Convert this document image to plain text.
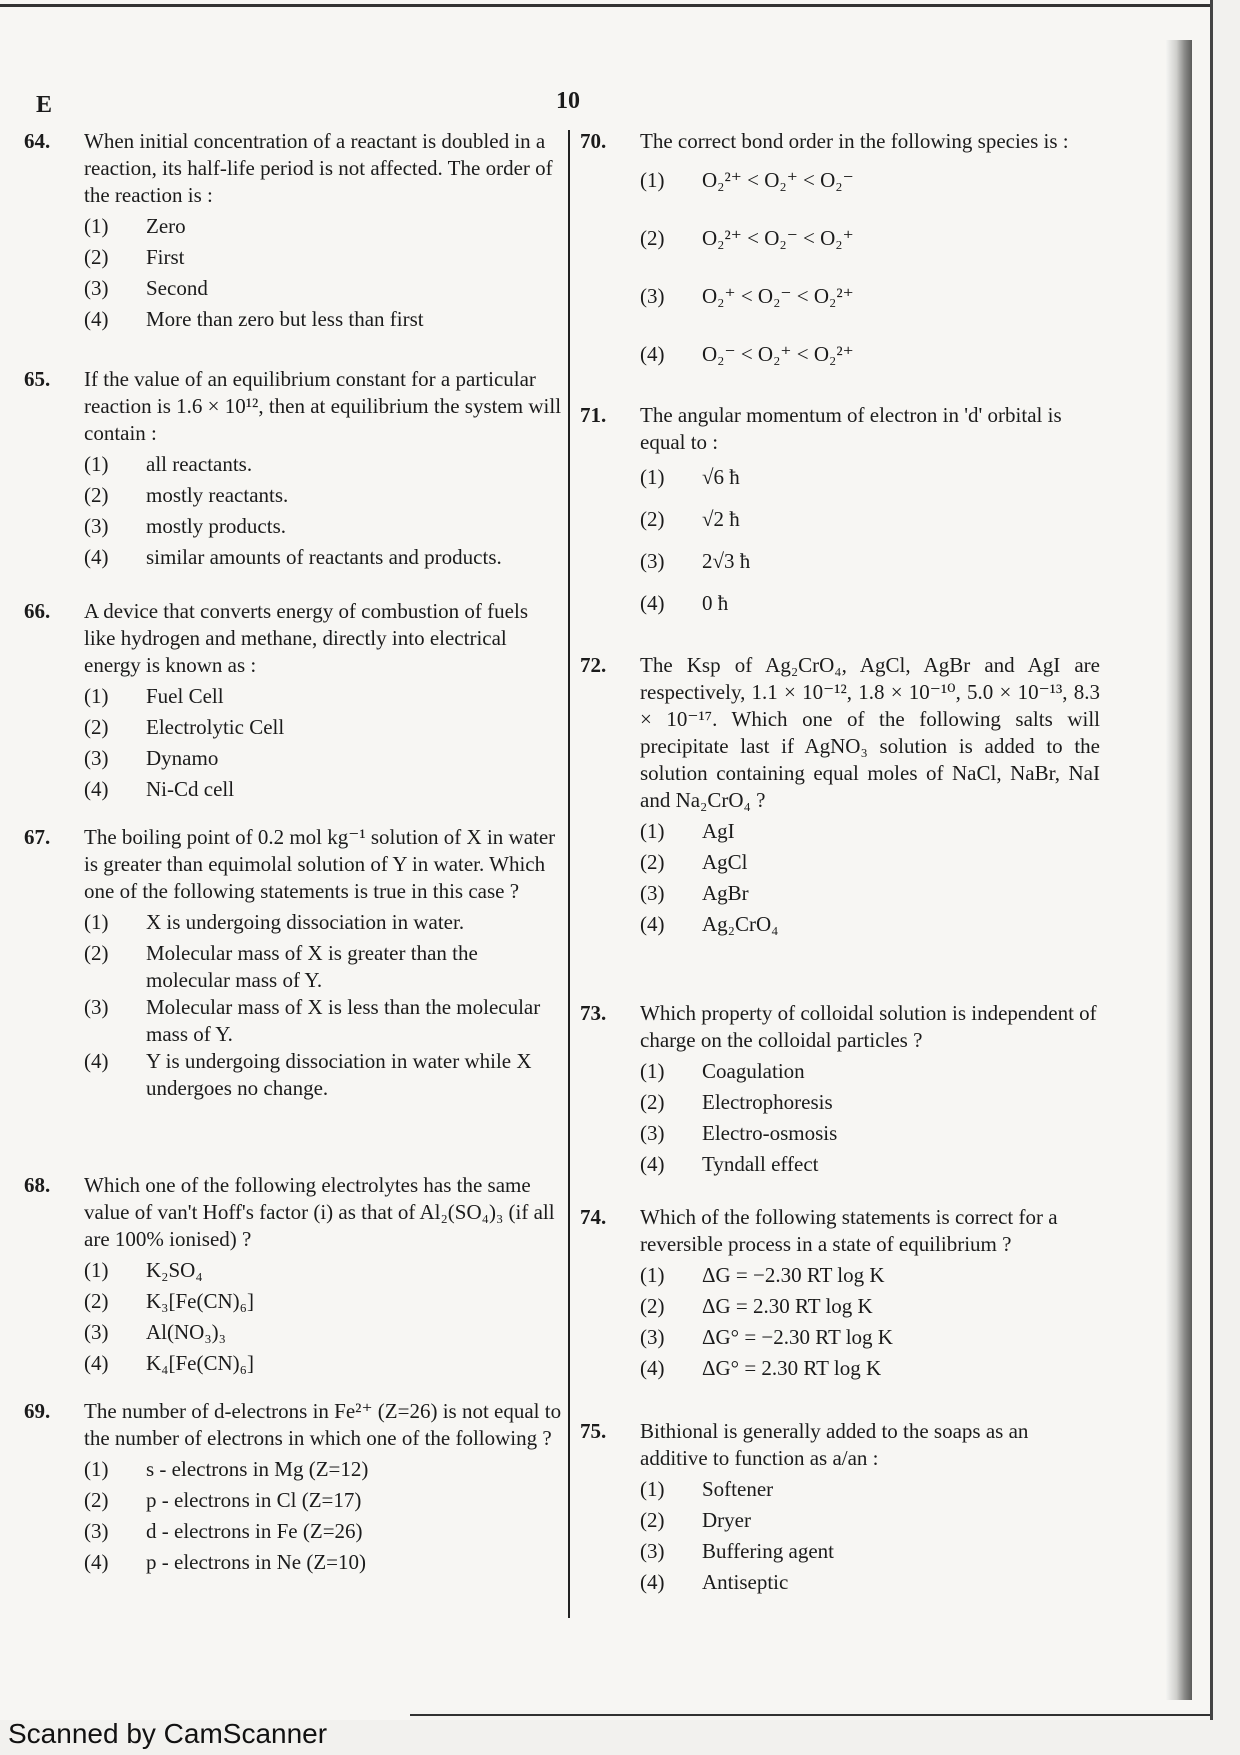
E	10
64.	When initial concentration of a reactant is doubled in a reaction, its half-life period is not affected. The order of the reaction is :
(1)	Zero
(2)	First
(3)	Second
(4)	More than zero but less than first
65.	If the value of an equilibrium constant for a particular reaction is 1.6 × 10¹², then at equilibrium the system will contain :
(1)	all reactants.
(2)	mostly reactants.
(3)	mostly products.
(4)	similar amounts of reactants and products.
66.	A device that converts energy of combustion of fuels like hydrogen and methane, directly into electrical energy is known as :
(1)	Fuel Cell
(2)	Electrolytic Cell
(3)	Dynamo
(4)	Ni-Cd cell
67.	The boiling point of 0.2 mol kg⁻¹ solution of X in water is greater than equimolal solution of Y in water. Which one of the following statements is true in this case ?
(1)	X is undergoing dissociation in water.
(2)	Molecular mass of X is greater than the molecular mass of Y.
(3)	Molecular mass of X is less than the molecular mass of Y.
(4)	Y is undergoing dissociation in water while X undergoes no change.
68.	Which one of the following electrolytes has the same value of van't Hoff's factor (i) as that of Al₂(SO₄)₃ (if all are 100% ionised) ?
(1)	K₂SO₄
(2)	K₃[Fe(CN)₆]
(3)	Al(NO₃)₃
(4)	K₄[Fe(CN)₆]
69.	The number of d-electrons in Fe²⁺ (Z=26) is not equal to the number of electrons in which one of the following ?
(1)	s - electrons in Mg (Z=12)
(2)	p - electrons in Cl (Z=17)
(3)	d - electrons in Fe (Z=26)
(4)	p - electrons in Ne (Z=10)
70.	The correct bond order in the following species is :
(1)	O₂²⁺ < O₂⁺ < O₂⁻
(2)	O₂²⁺ < O₂⁻ < O₂⁺
(3)	O₂⁺ < O₂⁻ < O₂²⁺
(4)	O₂⁻ < O₂⁺ < O₂²⁺
71.	The angular momentum of electron in 'd' orbital is equal to :
(1)	√6 ħ
(2)	√2 ħ
(3)	2√3 ħ
(4)	0 ħ
72.	The Ksp of Ag₂CrO₄, AgCl, AgBr and AgI are respectively, 1.1 × 10⁻¹², 1.8 × 10⁻¹⁰, 5.0 × 10⁻¹³, 8.3 × 10⁻¹⁷. Which one of the following salts will precipitate last if AgNO₃ solution is added to the solution containing equal moles of NaCl, NaBr, NaI and Na₂CrO₄ ?
(1)	AgI
(2)	AgCl
(3)	AgBr
(4)	Ag₂CrO₄
73.	Which property of colloidal solution is independent of charge on the colloidal particles ?
(1)	Coagulation
(2)	Electrophoresis
(3)	Electro-osmosis
(4)	Tyndall effect
74.	Which of the following statements is correct for a reversible process in a state of equilibrium ?
(1)	ΔG = −2.30 RT log K
(2)	ΔG = 2.30 RT log K
(3)	ΔG° = −2.30 RT log K
(4)	ΔG° = 2.30 RT log K
75.	Bithional is generally added to the soaps as an additive to function as a/an :
(1)	Softener
(2)	Dryer
(3)	Buffering agent
(4)	Antiseptic
Scanned by CamScanner
